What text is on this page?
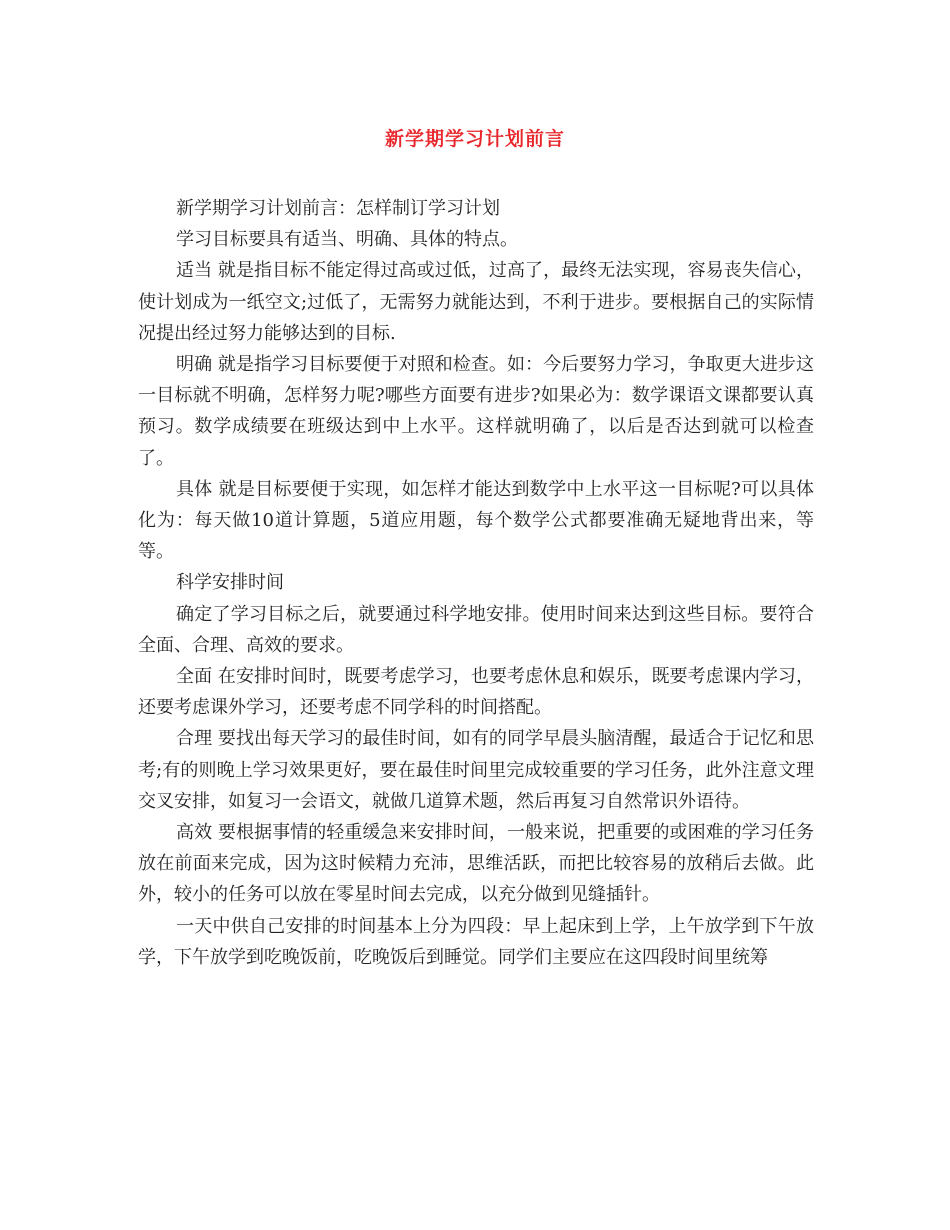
新学期学习计划前言

新学期学习计划前言：怎样制订学习计划

学习目标要具有适当、明确、具体的特点。

适当 就是指目标不能定得过高或过低，过高了，最终无法实现，容易丧失信心，使计划成为一纸空文;过低了，无需努力就能达到，不利于进步。要根据自己的实际情况提出经过努力能够达到的目标.

明确 就是指学习目标要便于对照和检查。如：今后要努力学习，争取更大进步这一目标就不明确，怎样努力呢?哪些方面要有进步?如果必为：数学课语文课都要认真预习。数学成绩要在班级达到中上水平。这样就明确了，以后是否达到就可以检查了。

具体 就是目标要便于实现，如怎样才能达到数学中上水平这一目标呢?可以具体化为：每天做10道计算题，5道应用题，每个数学公式都要准确无疑地背出来，等等。

科学安排时间

确定了学习目标之后，就要通过科学地安排。使用时间来达到这些目标。要符合全面、合理、高效的要求。

全面 在安排时间时，既要考虑学习，也要考虑休息和娱乐，既要考虑课内学习，还要考虑课外学习，还要考虑不同学科的时间搭配。

合理 要找出每天学习的最佳时间，如有的同学早晨头脑清醒，最适合于记忆和思考;有的则晚上学习效果更好，要在最佳时间里完成较重要的学习任务，此外注意文理交叉安排，如复习一会语文，就做几道算术题，然后再复习自然常识外语待。

高效 要根据事情的轻重缓急来安排时间，一般来说，把重要的或困难的学习任务放在前面来完成，因为这时候精力充沛，思维活跃，而把比较容易的放稍后去做。此外，较小的任务可以放在零星时间去完成，以充分做到见缝插针。

一天中供自己安排的时间基本上分为四段：早上起床到上学，上午放学到下午放学，下午放学到吃晚饭前，吃晚饭后到睡觉。同学们主要应在这四段时间里统筹
